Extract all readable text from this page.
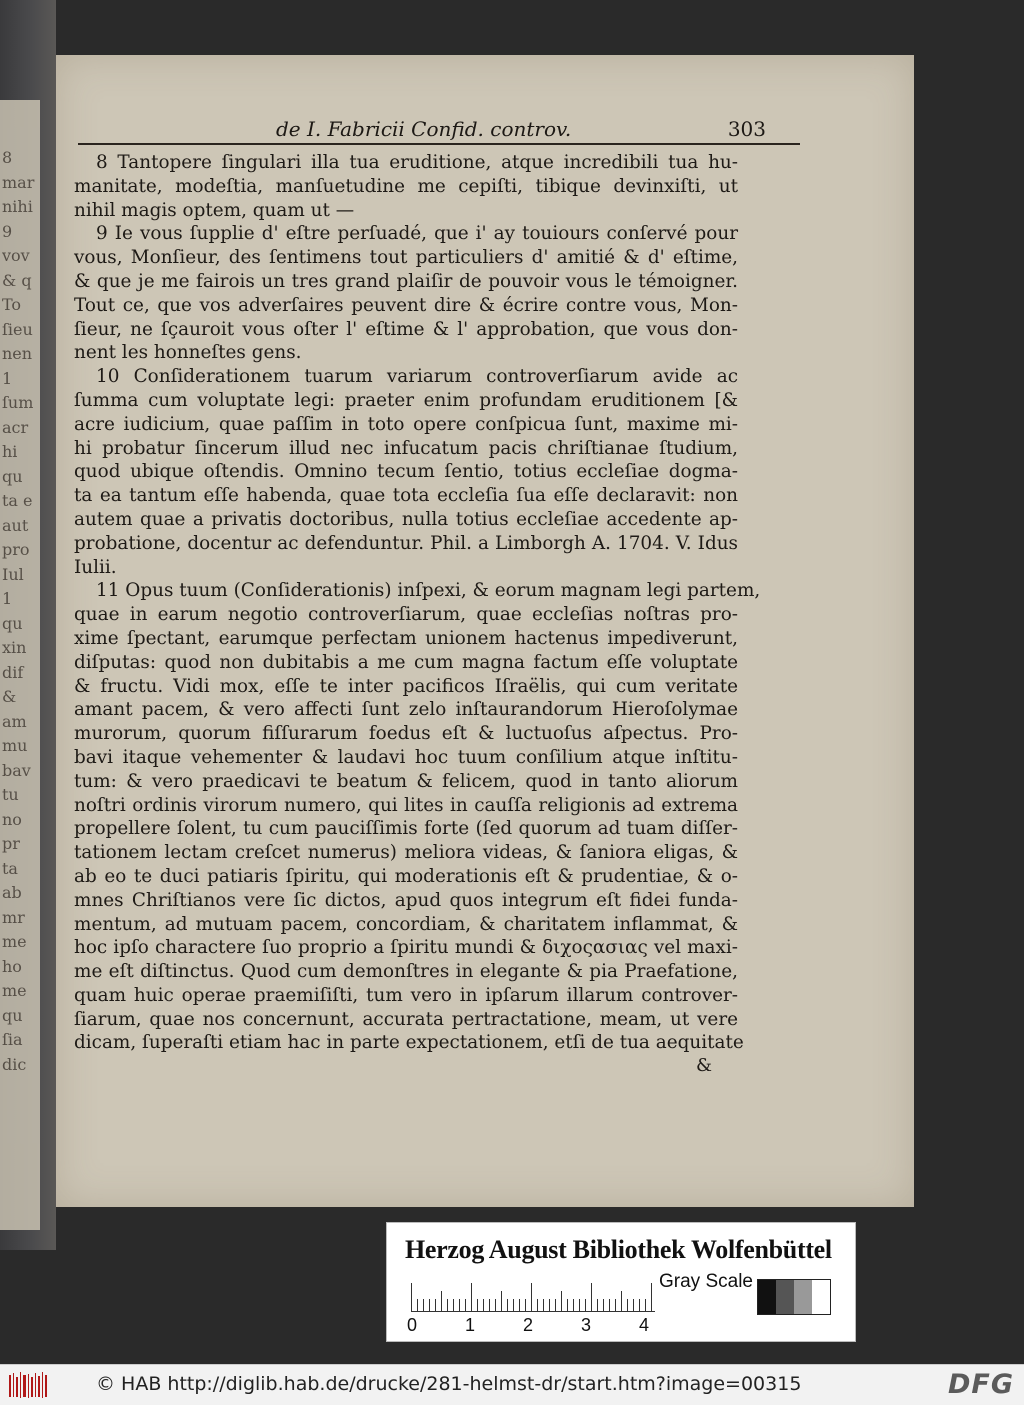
8
mar
nihi
9
vov
& q
To
ſieu
nen
1
ſum
acr
hi
qu
ta e
aut
pro
Iul
1
qu
xin
dif
&
am
mu
bav
tu
no
pr
ta
ab
mr
me
ho
me
qu
ſia
dic
de I. Fabricii Confid. controv.	303
8 Tantopere ſingulari illa tua eruditione, atque incredibili tua hu-
manitate, modeſtia, manſuetudine me cepiſti, tibique devinxiſti, ut
nihil magis optem, quam ut —
9 Ie vous ſupplie d' eſtre perſuadé, que i' ay touiours conſervé pour
vous, Monſieur, des ſentimens tout particuliers d' amitié & d' eſtime,
& que je me fairois un tres grand plaiſir de pouvoir vous le témoigner.
Tout ce, que vos adverſaires peuvent dire & écrire contre vous, Mon-
ſieur, ne ſçauroit vous oſter l' eſtime & l' approbation, que vous don-
nent les honneſtes gens.
10 Conſiderationem tuarum variarum controverſiarum avide ac
ſumma cum voluptate legi: praeter enim profundam eruditionem [&
acre iudicium, quae paſſim in toto opere conſpicua ſunt, maxime mi-
hi probatur ſincerum illud nec infucatum pacis chriſtianae ſtudium,
quod ubique oſtendis. Omnino tecum ſentio, totius eccleſiae dogma-
ta ea tantum eſſe habenda, quae tota eccleſia ſua eſſe declaravit: non
autem quae a privatis doctoribus, nulla totius eccleſiae accedente ap-
probatione, docentur ac defenduntur. Phil. a Limborgh A. 1704. V. Idus
Iulii.
11 Opus tuum (Conſiderationis) inſpexi, & eorum magnam legi partem,
quae in earum negotio controverſiarum, quae eccleſias noſtras pro-
xime ſpectant, earumque perfectam unionem hactenus impediverunt,
diſputas: quod non dubitabis a me cum magna factum eſſe voluptate
& fructu. Vidi mox, eſſe te inter pacificos Iſraëlis, qui cum veritate
amant pacem, & vero affecti ſunt zelo inſtaurandorum Hieroſolymae
murorum, quorum fiſſurarum foedus eſt & luctuoſus aſpectus. Pro-
bavi itaque vehementer & laudavi hoc tuum conſilium atque inſtitu-
tum: & vero praedicavi te beatum & felicem, quod in tanto aliorum
noſtri ordinis virorum numero, qui lites in cauſſa religionis ad extrema
propellere ſolent, tu cum pauciſſimis forte (ſed quorum ad tuam diſſer-
tationem lectam creſcet numerus) meliora videas, & ſaniora eligas, &
ab eo te duci patiaris ſpiritu, qui moderationis eſt & prudentiae, & o-
mnes Chriſtianos vere ſic dictos, apud quos integrum eſt fidei funda-
mentum, ad mutuam pacem, concordiam, & charitatem inflammat, &
hoc ipſo charactere ſuo proprio a ſpiritu mundi & διχοςασιας vel maxi-
me eſt diſtinctus. Quod cum demonſtres in elegante & pia Praefatione,
quam huic operae praemiſiſti, tum vero in ipſarum illarum controver-
ſiarum, quae nos concernunt, accurata pertractatione, meam, ut vere
dicam, ſuperaſti etiam hac in parte expectationem, etſi de tua aequitate
&
Herzog August Bibliothek Wolfenbüttel
0	1	2	3	4
Gray Scale
© HAB http://diglib.hab.de/drucke/281-helmst-dr/start.htm?image=00315	DFG
